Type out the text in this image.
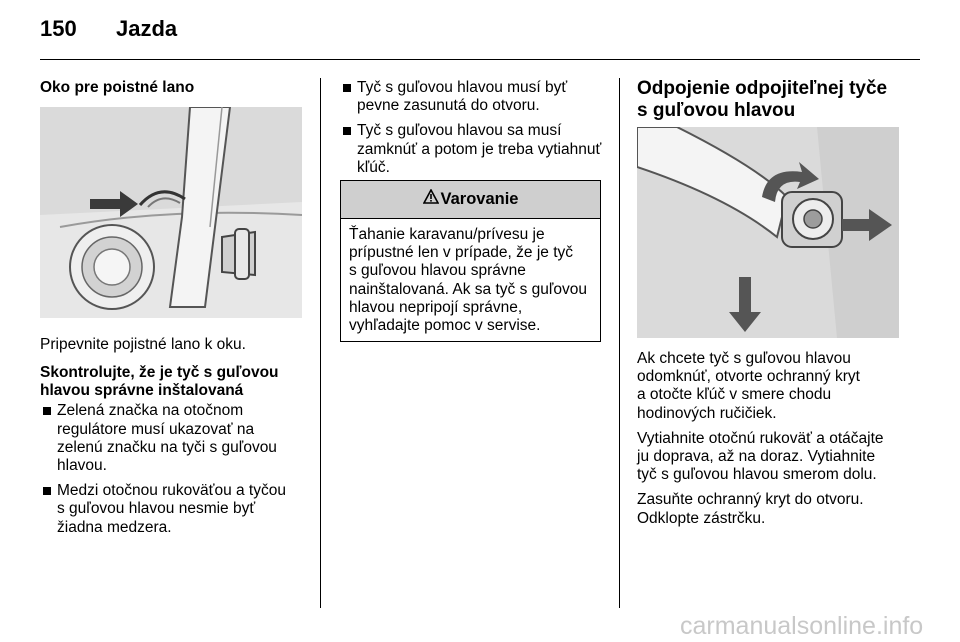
150 Jazda

Oko pre poistné lano

Pripevnite pojistné lano k oku.

Skontrolujte, že je tyč s guľovou
hlavou správne inštalovaná

Zelená značka na otočnom
regulátore musí ukazovať na
zelenú značku na tyči s guľovou
hlavou.
Medzi otočnou rukoväťou a tyčou
s guľovou hlavou nesmie byť
žiadna medzera.
Tyč s guľovou hlavou musí byť
pevne zasunutá do otvoru.
Tyč s guľovou hlavou sa musí
zamknúť a potom je treba vytiahnuť
kľúč.
Varovanie
Ťahanie karavanu/prívesu je
prípustné len v prípade, že je tyč
s guľovou hlavou správne
nainštalovaná. Ak sa tyč s guľovou
hlavou nepripojí správne,
vyhľadajte pomoc v servise.

Odpojenie odpojiteľnej tyče
s guľovou hlavou

Ak chcete tyč s guľovou hlavou
odomknúť, otvorte ochranný kryt
a otočte kľúč v smere chodu
hodinových ručičiek.

Vytiahnite otočnú rukoväť a otáčajte
ju doprava, až na doraz. Vytiahnite
tyč s guľovou hlavou smerom dolu.

Zasuňte ochranný kryt do otvoru.
Odklopte zástrčku.

carmanualsonline.info
